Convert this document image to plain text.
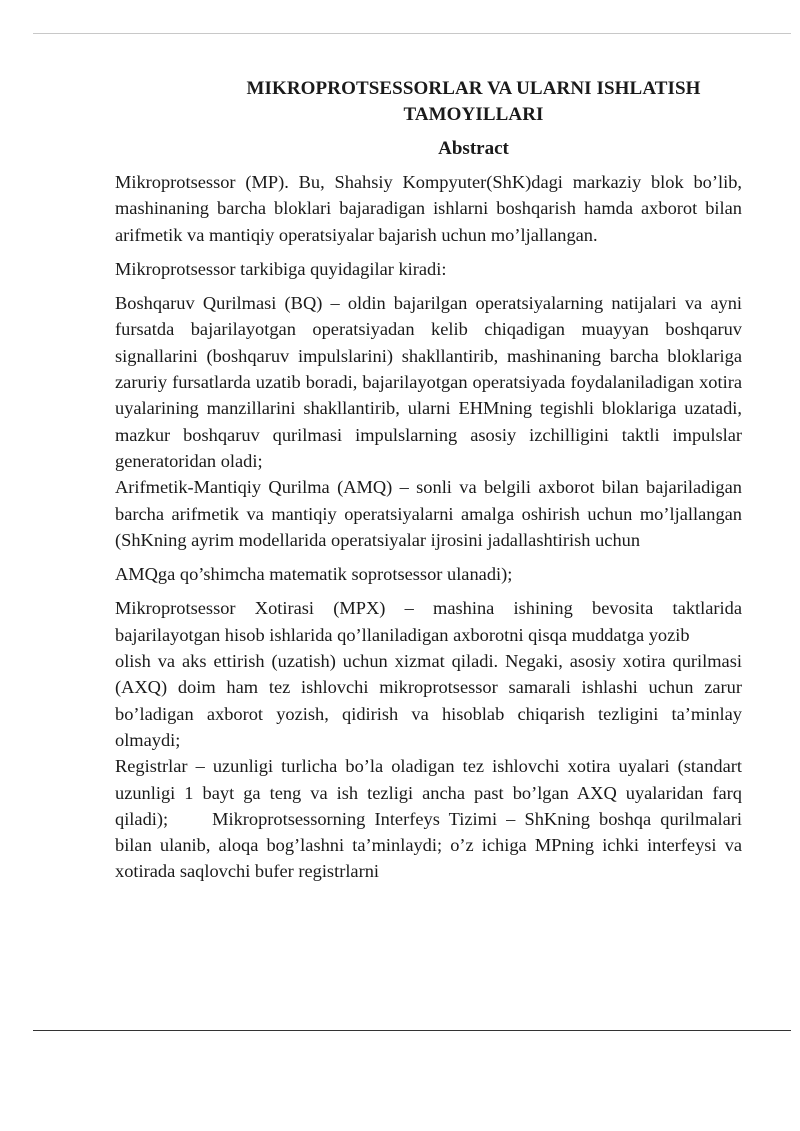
MIKROPROTSESSORLAR VA ULARNI ISHLATISH TAMOYILLARI
Abstract

Mikroprotsessor (MP). Bu, Shahsiy Kompyuter(ShK)dagi markaziy blok bo’lib, mashinaning barcha bloklari bajaradigan ishlarni boshqarish hamda axborot bilan arifmetik va mantiqiy operatsiyalar bajarish uchun mo’ljallangan.

Mikroprotsessor tarkibiga quyidagilar kiradi:

Boshqaruv Qurilmasi (BQ) – oldin bajarilgan operatsiyalarning natijalari va ayni fursatda bajarilayotgan operatsiyadan kelib chiqadigan muayyan boshqaruv signallarini (boshqaruv impulslarini) shakllantirib, mashinaning barcha bloklariga zaruriy fursatlarda uzatib boradi, bajarilayotgan operatsiyada foydalaniladigan xotira uyalarining manzillarini shakllantirib, ularni EHMning tegishli bloklariga uzatadi, mazkur boshqaruv qurilmasi impulslarning asosiy izchilligini taktli impulslar generatoridan oladi;

Arifmetik-Mantiqiy Qurilma (AMQ) – sonli va belgili axborot bilan bajariladigan barcha arifmetik va mantiqiy operatsiyalarni amalga oshirish uchun mo’ljallangan (ShKning ayrim modellarida operatsiyalar ijrosini jadallashtirish uchun

AMQga qo’shimcha matematik soprotsessor ulanadi);

Mikroprotsessor Xotirasi (MPX) – mashina ishining bevosita taktlarida bajarilayotgan hisob ishlarida qo’llaniladigan axborotni qisqa muddatga yozib

olish va aks ettirish (uzatish) uchun xizmat qiladi. Negaki, asosiy xotira qurilmasi (AXQ) doim ham tez ishlovchi mikroprotsessor samarali ishlashi uchun zarur bo’ladigan axborot yozish, qidirish va hisoblab chiqarish tezligini ta’minlay olmaydi;

Registrlar – uzunligi turlicha bo’la oladigan tez ishlovchi xotira uyalari (standart uzunligi 1 bayt ga teng va ish tezligi ancha past bo’lgan AXQ uyalaridan farq qiladi); Mikroprotsessorning Interfeys Tizimi – ShKning boshqa qurilmalari bilan ulanib, aloqa bog’lashni ta’minlaydi; o’z ichiga MPning ichki interfeysi va xotirada saqlovchi bufer registrlarni
